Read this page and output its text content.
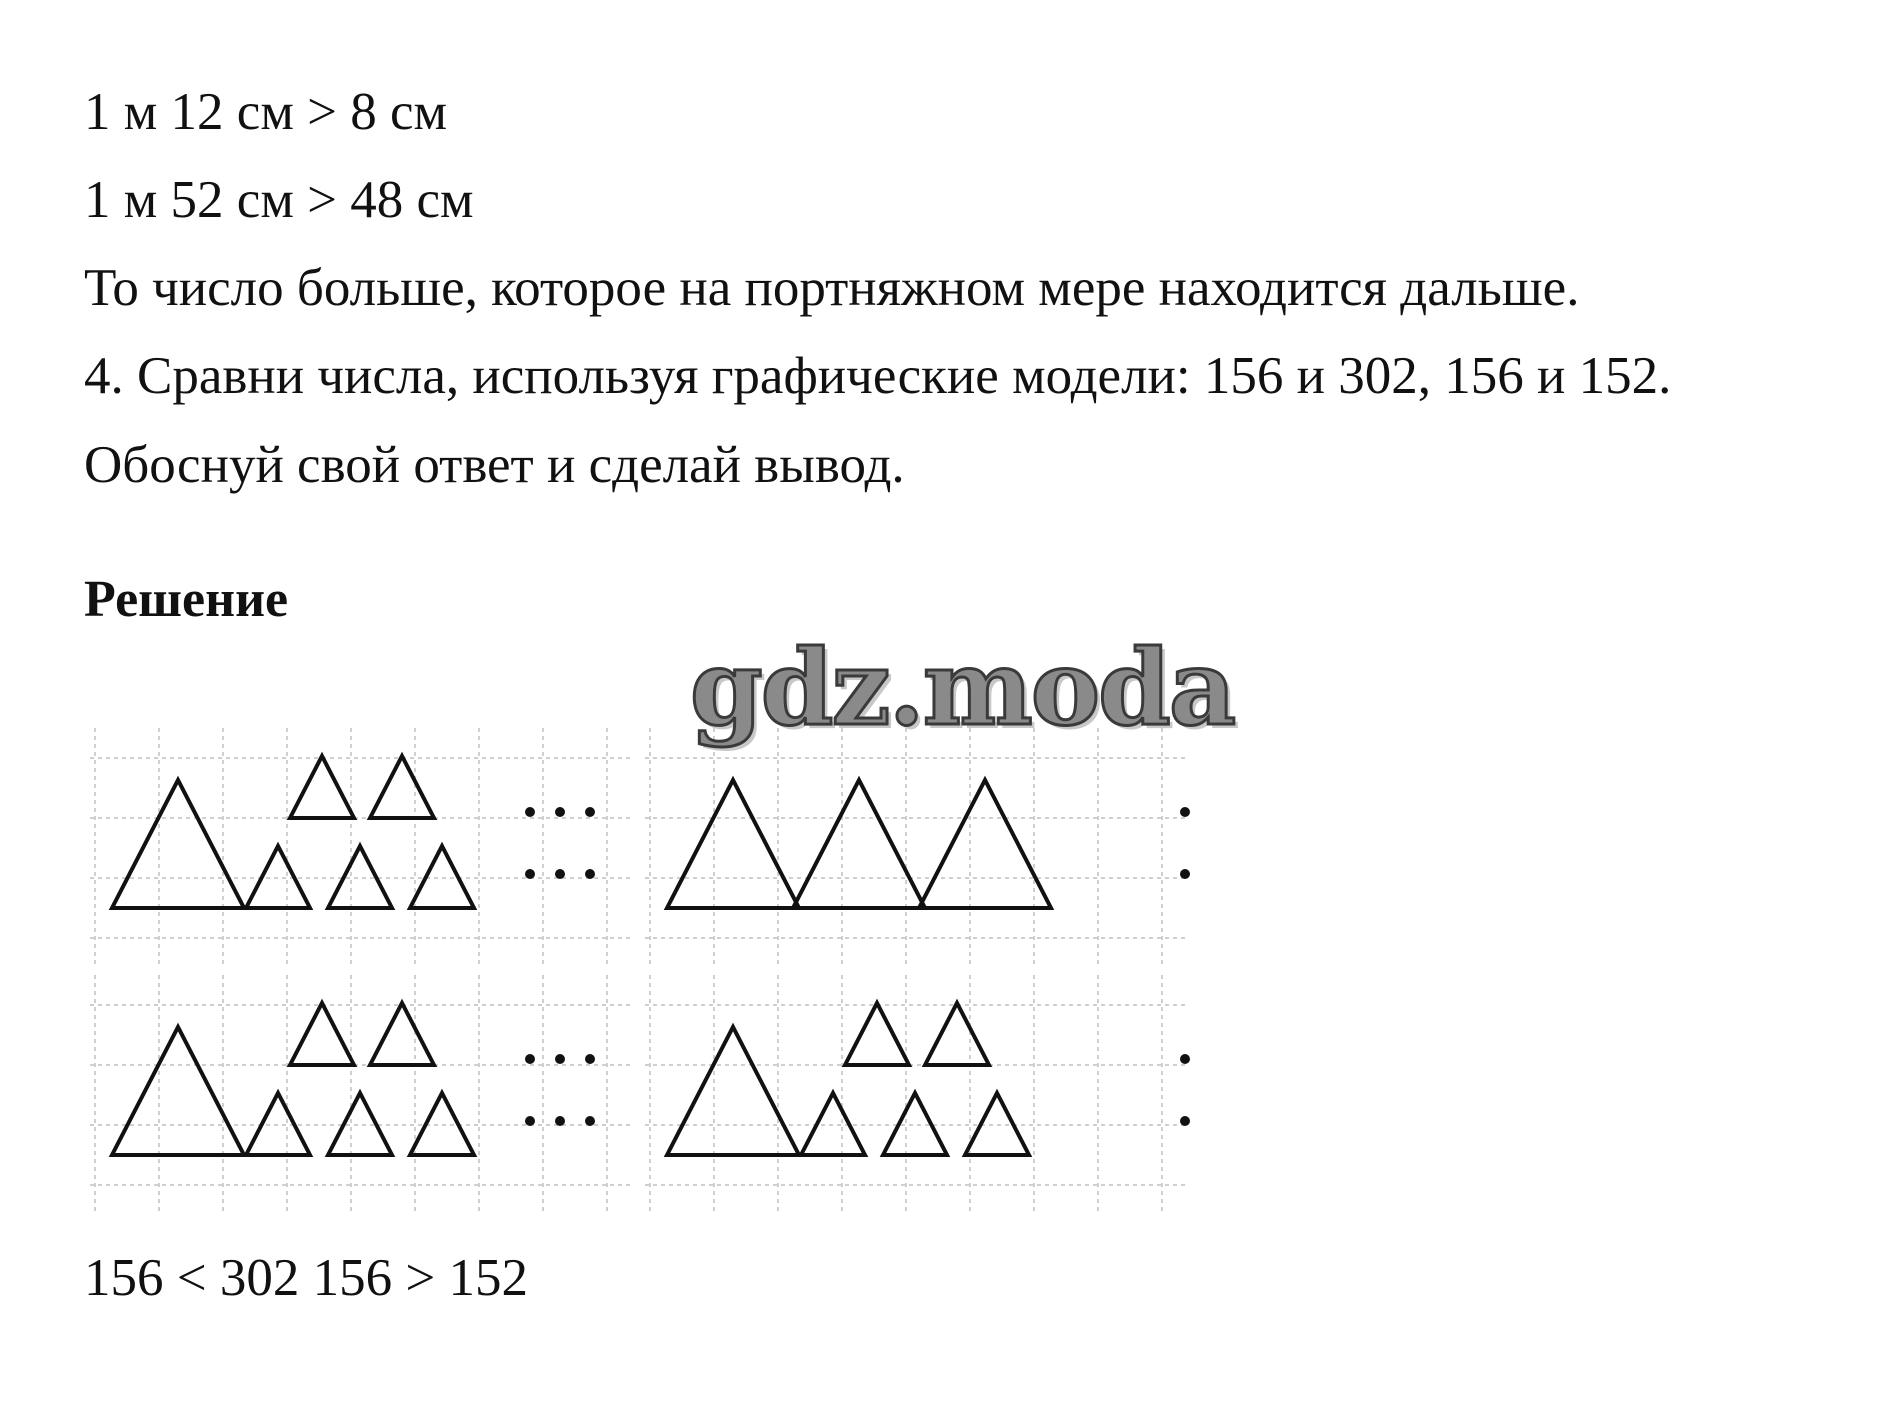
1 м 12 см > 8 см
1 м 52 см > 48 см
То число больше, которое на портняжном мере находится дальше.
4. Сравни числа, используя графические модели: 156 и 302, 156 и 152.
Обоснуй свой ответ и сделай вывод.
Решение
gdz.moda
156 < 302 156 > 152
